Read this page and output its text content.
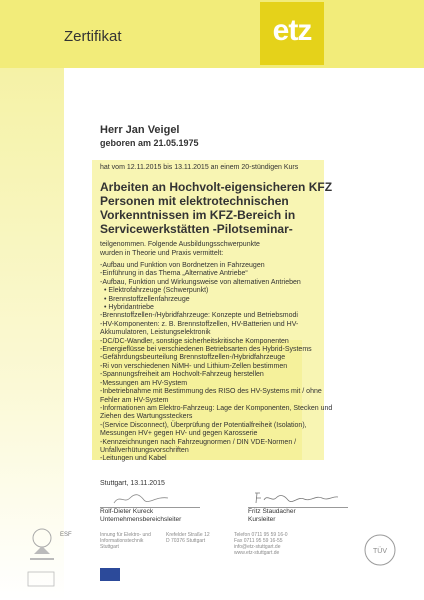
Zertifikat	etz
Herr Jan Veigel
geboren am 21.05.1975
hat vom 12.11.2015 bis 13.11.2015 an einem 20-stündigen Kurs
Arbeiten an Hochvolt-eigensicheren KFZ
Personen mit elektrotechnischen
Vorkenntnissen im KFZ-Bereich in
Servicewerkstätten -Pilotseminar-
teilgenommen. Folgende Ausbildungsschwerpunkte
wurden in Theorie und Praxis vermittelt:
-Aufbau und Funktion von Bordnetzen in Fahrzeugen
-Einführung in das Thema „Alternative Antriebe“
-Aufbau, Funktion und Wirkungsweise von alternativen Antrieben
• Elektrofahrzeuge (Schwerpunkt)
• Brennstoffzellenfahrzeuge
• Hybridantriebe
-Brennstoffzellen-/Hybridfahrzeuge: Konzepte und Betriebsmodi
-HV-Komponenten: z. B. Brennstoffzellen, HV-Batterien und HV-
Akkumulatoren, Leistungselektronik
-DC/DC-Wandler, sonstige sicherheitskritische Komponenten
-Energieflüsse bei verschiedenen Betriebsarten des Hybrid-Systems
-Gefährdungsbeurteilung Brennstoffzellen-/Hybridfahrzeuge
-Ri von verschiedenen NiMH- und Lithium-Zellen bestimmen
-Spannungsfreiheit am Hochvolt-Fahrzeug herstellen
-Messungen am HV-System
-Inbetriebnahme mit Bestimmung des RISO des HV-Systems mit / ohne
Fehler am HV-System
-Informationen am Elektro-Fahrzeug: Lage der Komponenten, Stecken und
Ziehen des Wartungssteckers
-(Service Disconnect), Überprüfung der Potentialfreiheit (Isolation),
Messungen HV+ gegen HV- und gegen Karosserie
-Kennzeichnungen nach Fahrzeugnormen / DIN VDE-Normen /
Unfallverhütungsvorschriften
-Leitungen und Kabel
Stuttgart, 13.11.2015
Rolf-Dieter Kureck
Unternehmensbereichsleiter
Fritz Staudacher
Kursleiter
ESF	Innung für Elektro- und
Informationstechnik
Stuttgart
Krefelder Straße 12
D 70376 Stuttgart
Telefon 0711 95 59 16-0
Fax 0711 95 59 16-55
info@etz-stuttgart.de
www.etz-stuttgart.de	TÜV
